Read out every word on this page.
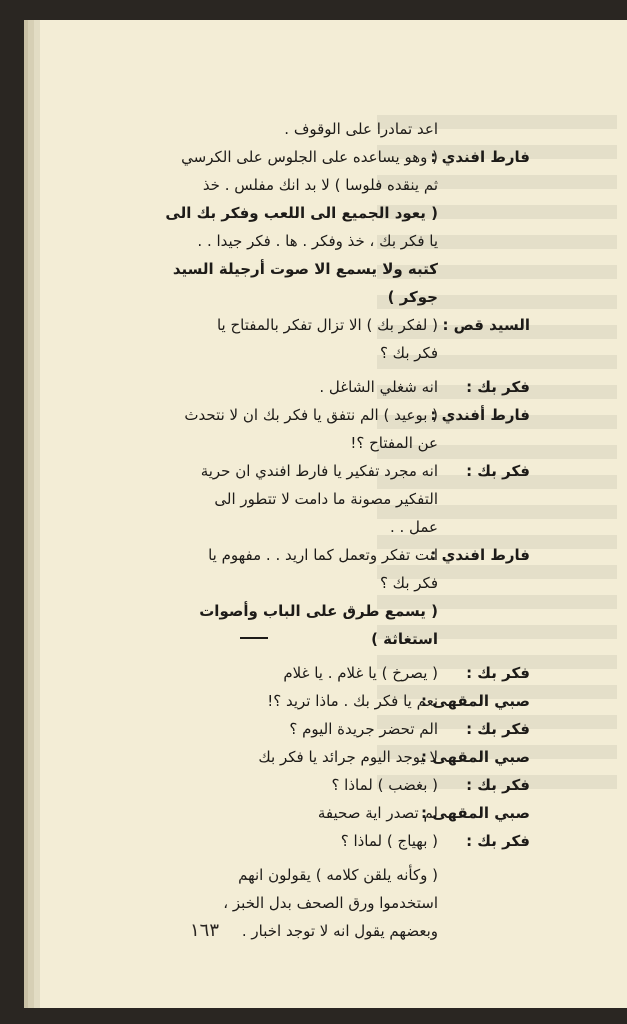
اعد تمادرا على الوقوف .
فارط افندي :
( وهو يساعده على الجلوس على الكرسي
ثم ينقده فلوسا ) لا بد انك مفلس . خذ
( يعود الجميع الى اللعب وفكر بك الى
يا فكر بك ، خذ وفكر . ها . فكر جيدا . .
كتبه ولا يسمع الا صوت أرجيلة السيد
جوكر )
السيد قص :
( لفكر بك ) الا تزال تفكر بالمفتاح يا
فكر بك ؟
فكر بك :
انه شغلي الشاغل .
فارط أفندي :
( بوعيد ) الم نتفق يا فكر بك ان لا نتحدث
عن المفتاح ؟!
فكر بك :
انه مجرد تفكير يا فارط افندي ان حرية
التفكير مصونة ما دامت لا تتطور الى
عمل . .
فارط افندي :
انت تفكر وتعمل كما اريد . . مفهوم يا
فكر بك ؟
( يسمع طرق على الباب وأصوات
استغاثة )
فكر بك :
( يصرخ ) يا غلام . يا غلام
صبي المقهى :
نعم يا فكر بك . ماذا تريد ؟!
فكر بك :
الم تحضر جريدة اليوم ؟
صبي المقهى :
لا يوجد اليوم جرائد يا فكر بك
فكر بك :
( بغضب ) لماذا ؟
صبي المقهى :
لم تصدر اية صحيفة
فكر بك :
( بهياج ) لماذا ؟
( وكأنه يلقن كلامه ) يقولون انهم
استخدموا ورق الصحف بدل الخبز ،
وبعضهم يقول انه لا توجد اخبار .
١٦٣
